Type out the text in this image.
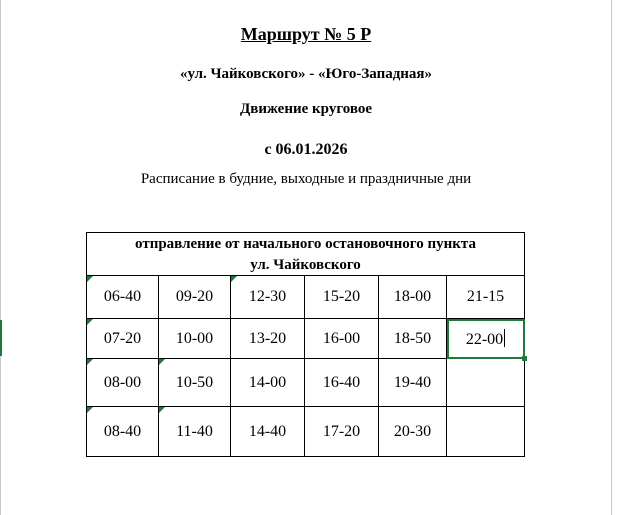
Маршрут № 5 Р
«ул. Чайковского» - «Юго-Западная»
Движение круговое
с 06.01.2026
Расписание в будние, выходные и праздничные дни
отправление от начального остановочного пункта
ул. Чайковского					

06-40	09-20	12-30	15-20	18-00	21-15

07-20	10-00	13-20	16-00	18-50	22-00

08-00	10-50	14-00	16-40	19-40	

08-40	11-40	14-40	17-20	20-30	
